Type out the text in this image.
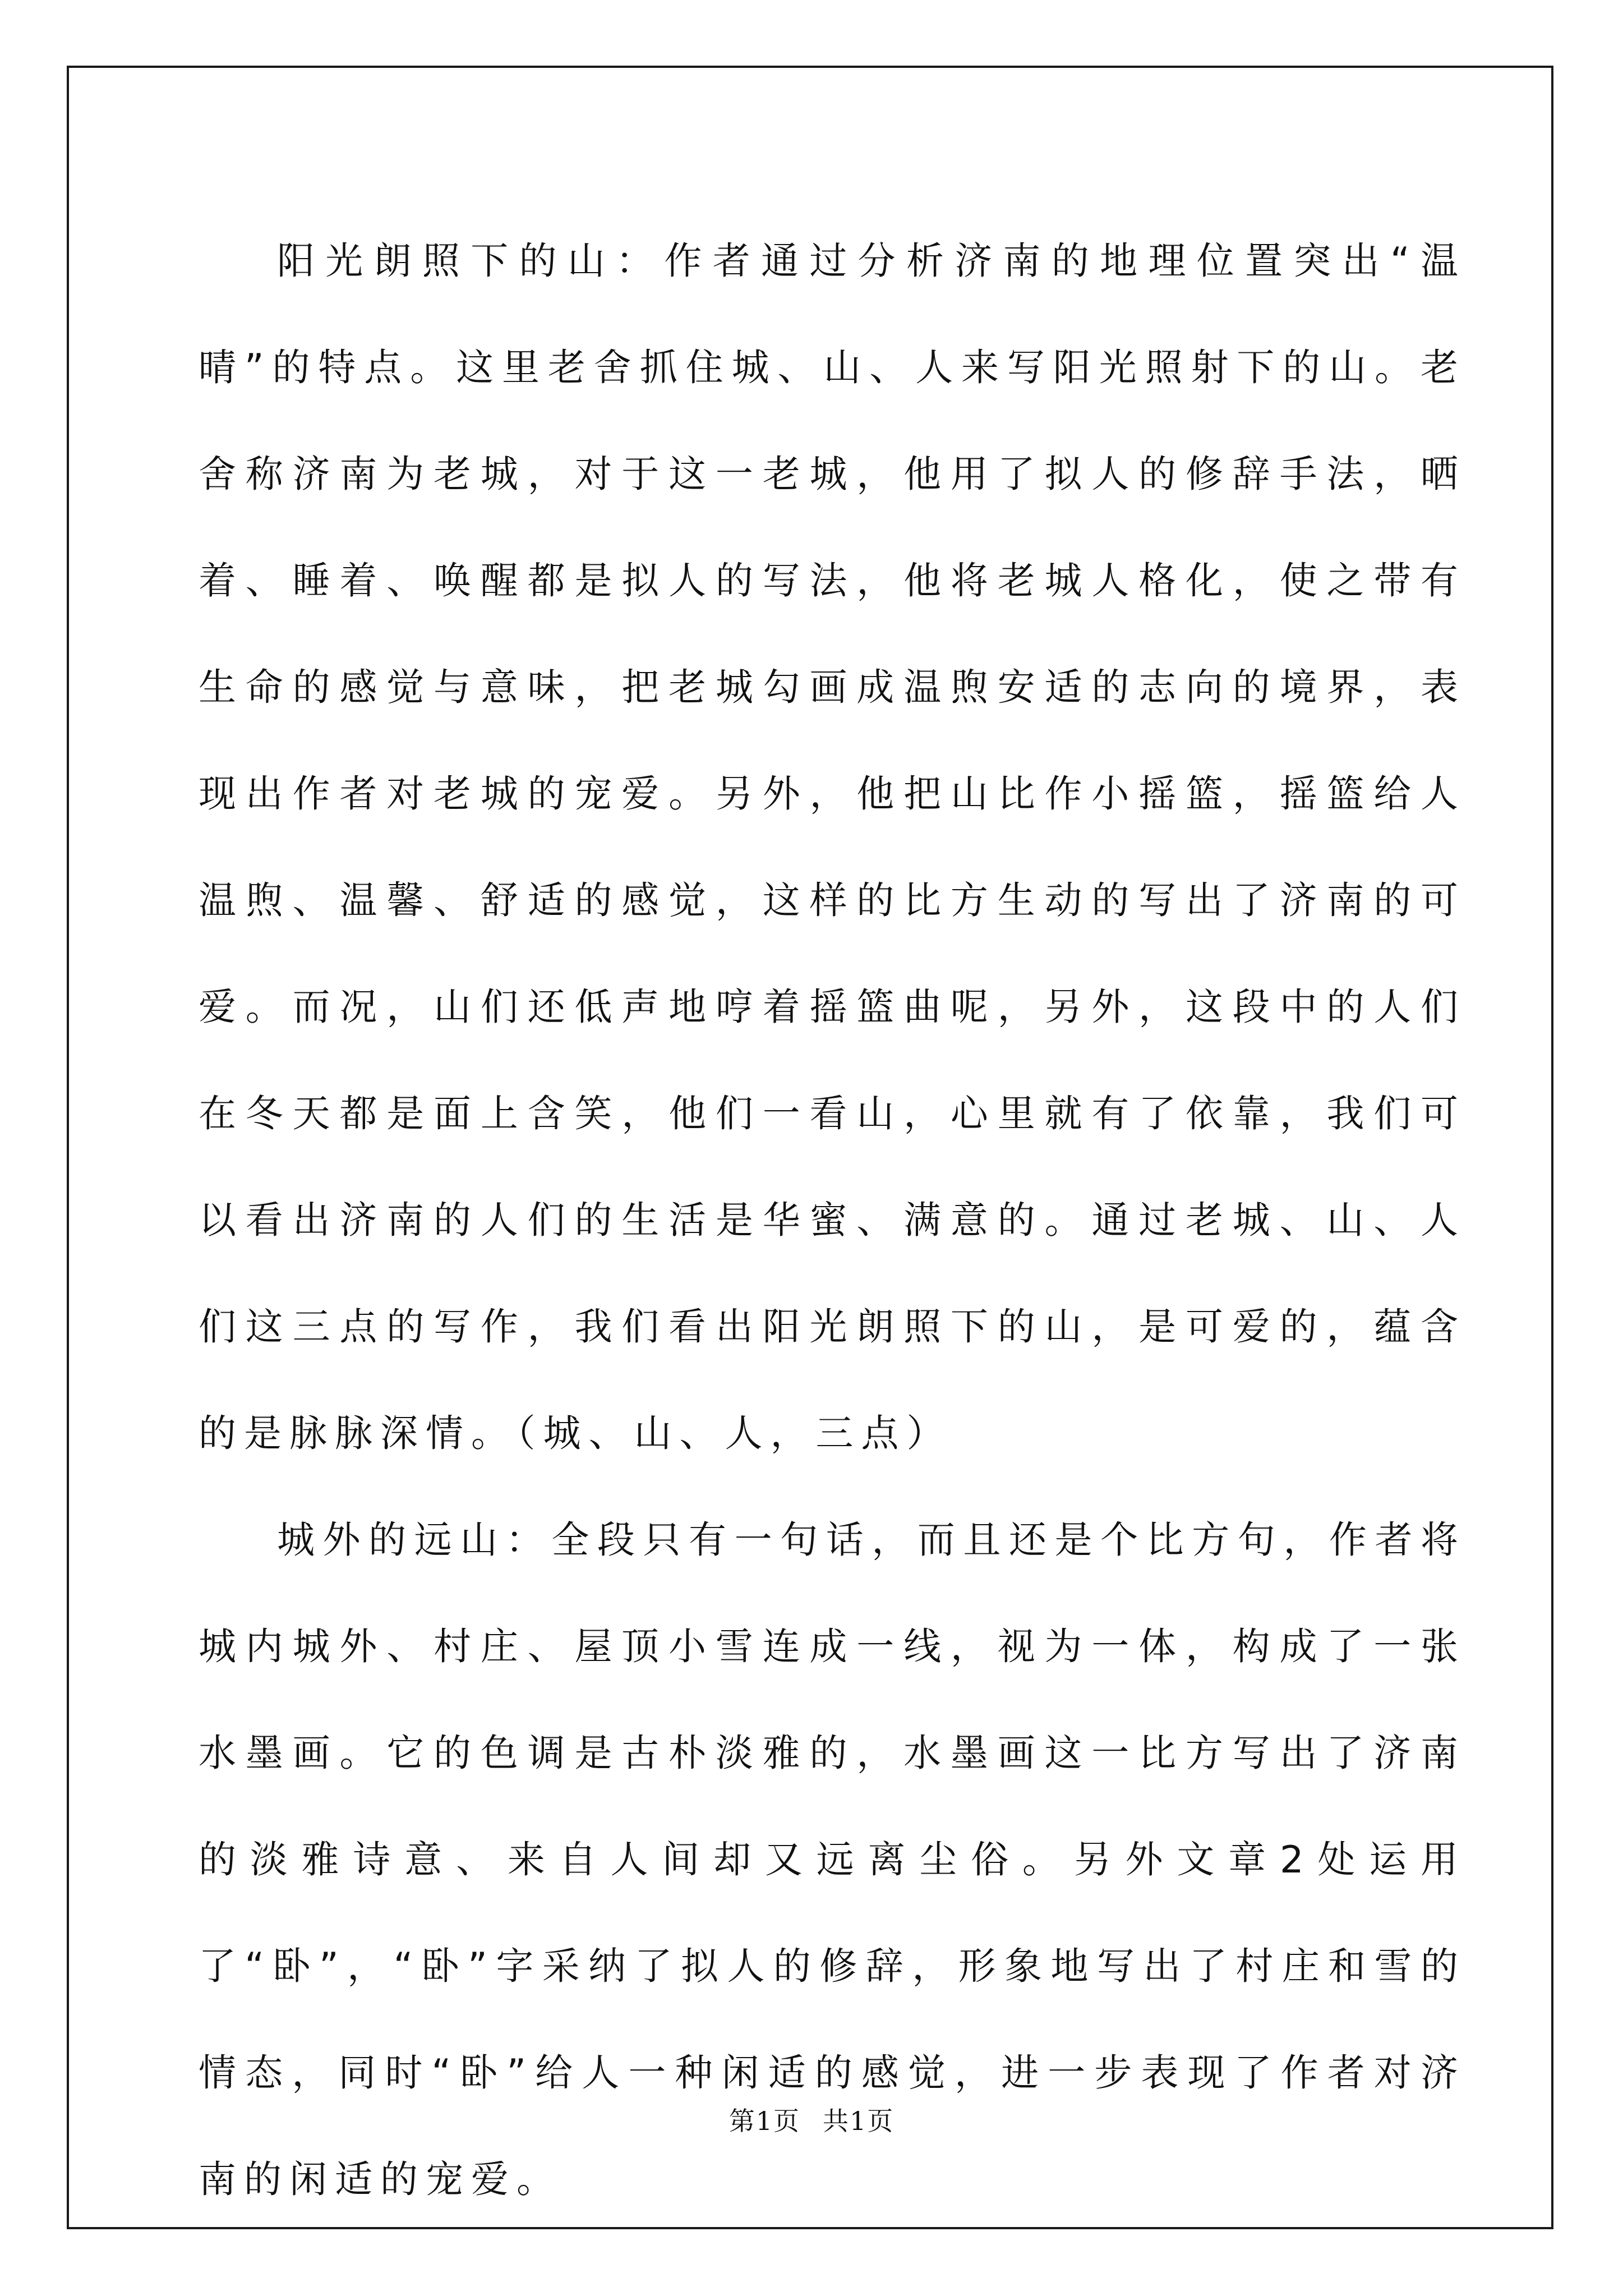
阳光朗照下的山：作者通过分析济南的地理位置突出“温晴”的特点。这里老舍抓住城、山、人来写阳光照射下的山。老舍称济南为老城，对于这一老城，他用了拟人的修辞手法，晒着、睡着、唤醒都是拟人的写法，他将老城人格化，使之带有生命的感觉与意味，把老城勾画成温煦安适的志向的境界，表现出作者对老城的宠爱。另外，他把山比作小摇篮，摇篮给人温煦、温馨、舒适的感觉，这样的比方生动的写出了济南的可爱。而况，山们还低声地哼着摇篮曲呢，另外，这段中的人们在冬天都是面上含笑，他们一看山，心里就有了依靠，我们可以看出济南的人们的生活是华蜜、满意的。通过老城、山、人们这三点的写作，我们看出阳光朗照下的山，是可爱的，蕴含的是脉脉深情。（城、山、人，三点）

城外的远山：全段只有一句话，而且还是个比方句，作者将城内城外、村庄、屋顶小雪连成一线，视为一体，构成了一张水墨画。它的色调是古朴淡雅的，水墨画这一比方写出了济南的淡雅诗意、来自人间却又远离尘俗。另外文章2处运用了“卧”，“卧”字采纳了拟人的修辞，形象地写出了村庄和雪的情态，同时“卧”给人一种闲适的感觉，进一步表现了作者对济南的闲适的宠爱。

第1页 共1页
